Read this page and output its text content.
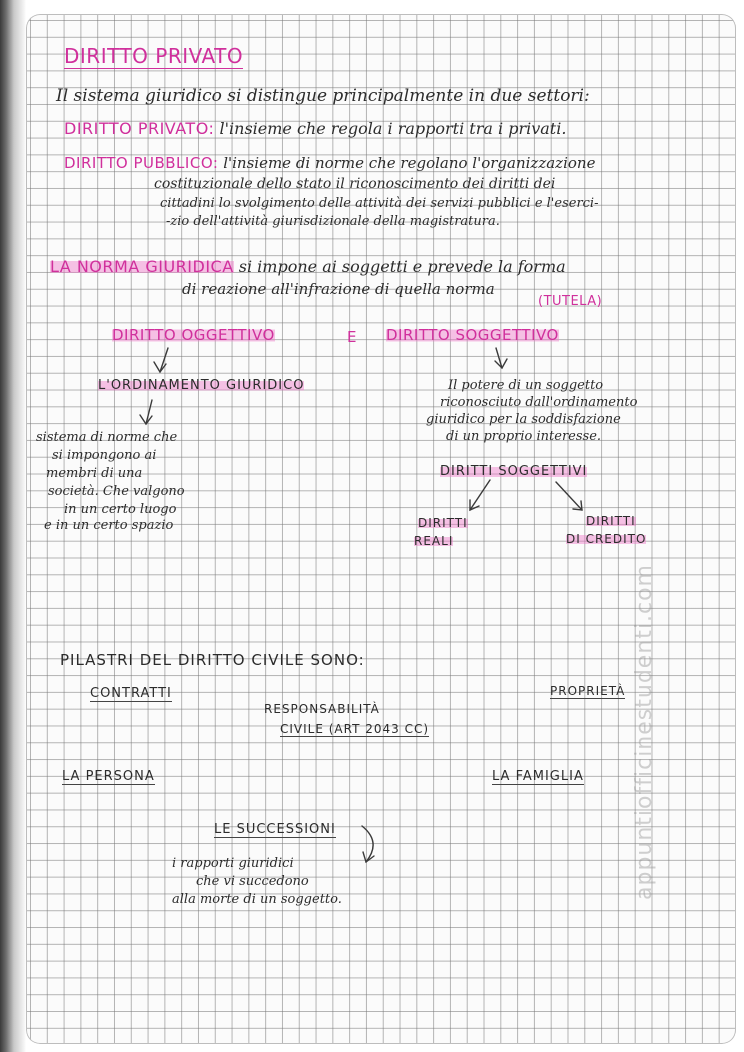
DIRITTO PRIVATO
Il sistema giuridico si distingue principalmente in due settori:
DIRITTO PRIVATO: l'insieme che regola i rapporti tra i privati.
DIRITTO PUBBLICO: l'insieme di norme che regolano l'organizzazione
costituzionale dello stato il riconoscimento dei diritti dei
cittadini lo svolgimento delle attività dei servizi pubblici e l'eserci-
-zio dell'attività giurisdizionale della magistratura.
LA NORMA GIURIDICA si impone ai soggetti e prevede la forma
di reazione all'infrazione di quella norma
(TUTELA)
DIRITTO OGGETTIVO	E DIRITTO SOGGETTIVO
L'ORDINAMENTO GIURIDICO
sistema di norme che
si impongono ai
membri di una
società. Che valgono
in un certo luogo
e in un certo spazio
Il potere di un soggetto
riconosciuto dall'ordinamento
giuridico per la soddisfazione
di un proprio interesse.
DIRITTI SOGGETTIVI
DIRITTI
REALI
DIRITTI
DI CREDITO
PILASTRI DEL DIRITTO CIVILE SONO:
CONTRATTI
RESPONSABILITÀ
CIVILE (ART 2043 CC)
PROPRIETÀ
LA PERSONA	LA FAMIGLIA
LE SUCCESSIONI
i rapporti giuridici
che vi succedono
alla morte di un soggetto.	appuntiofficinestudenti.com
